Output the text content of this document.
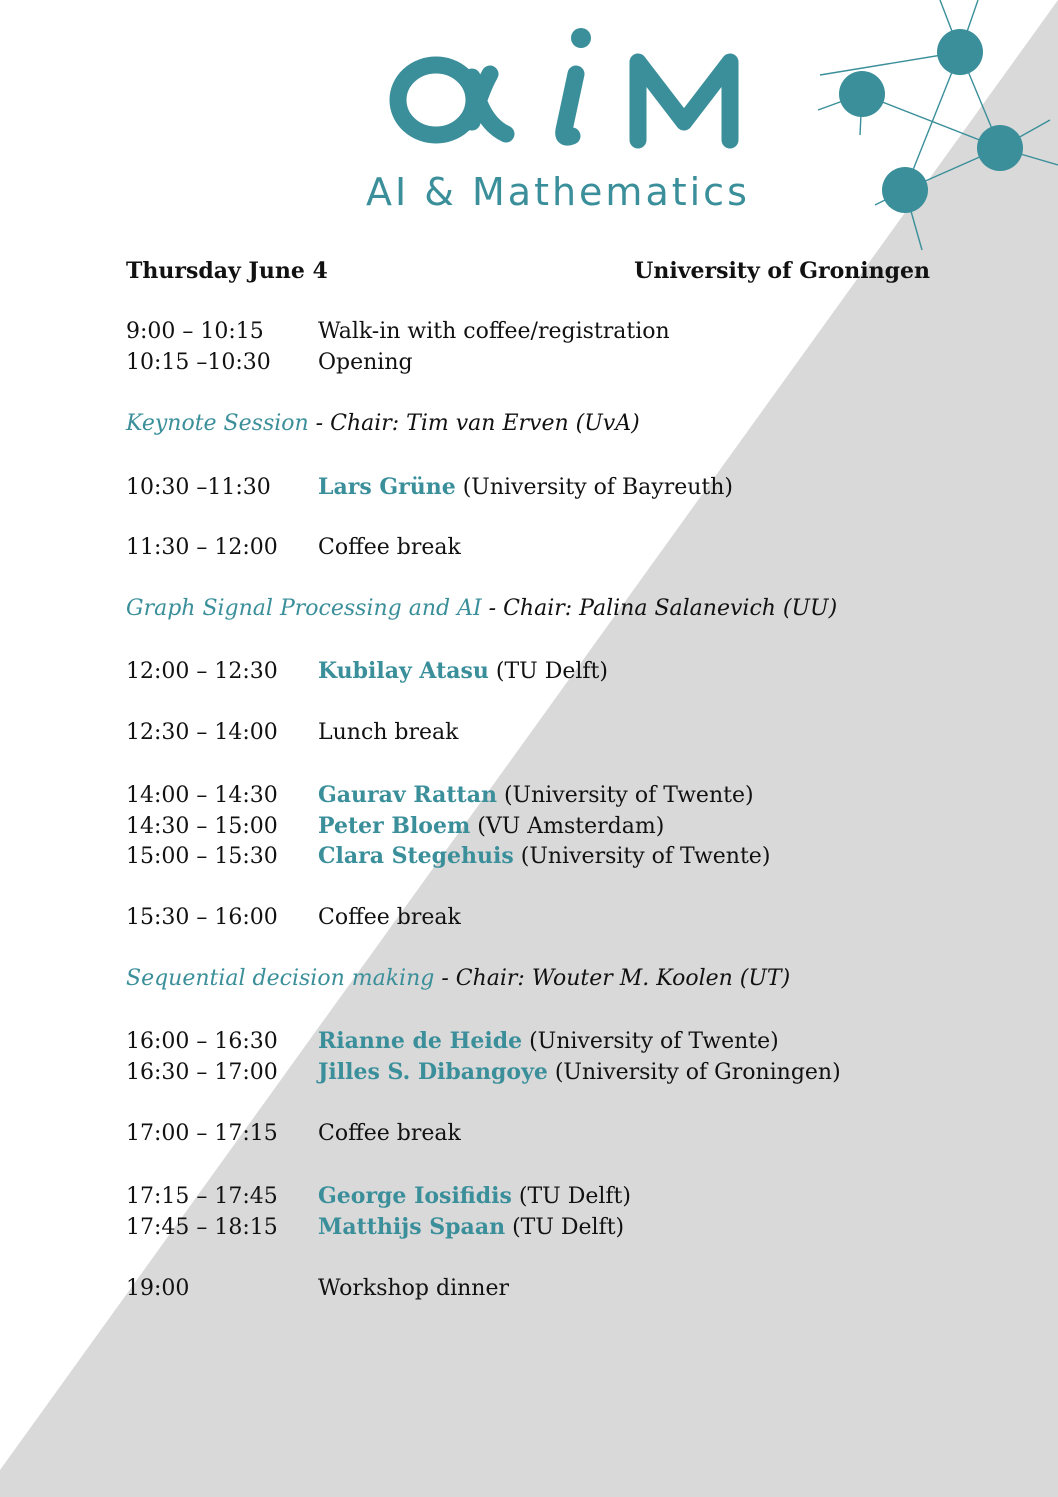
AI & Mathematics
Thursday June 4	University of Groningen
9:00 – 10:15 Walk-in with coffee/registration
10:15 –10:30 Opening
Keynote Session - Chair: Tim van Erven (UvA)
10:30 –11:30 Lars Grüne (University of Bayreuth)
11:30 – 12:00 Coffee break
Graph Signal Processing and AI - Chair: Palina Salanevich (UU)
12:00 – 12:30 Kubilay Atasu (TU Delft)
12:30 – 14:00 Lunch break
14:00 – 14:30 Gaurav Rattan (University of Twente)
14:30 – 15:00 Peter Bloem (VU Amsterdam)
15:00 – 15:30 Clara Stegehuis (University of Twente)
15:30 – 16:00 Coffee break
Sequential decision making - Chair: Wouter M. Koolen (UT)
16:00 – 16:30 Rianne de Heide (University of Twente)
16:30 – 17:00 Jilles S. Dibangoye (University of Groningen)
17:00 – 17:15 Coffee break
17:15 – 17:45 George Iosifidis (TU Delft)
17:45 – 18:15 Matthijs Spaan (TU Delft)
19:00	Workshop dinner
